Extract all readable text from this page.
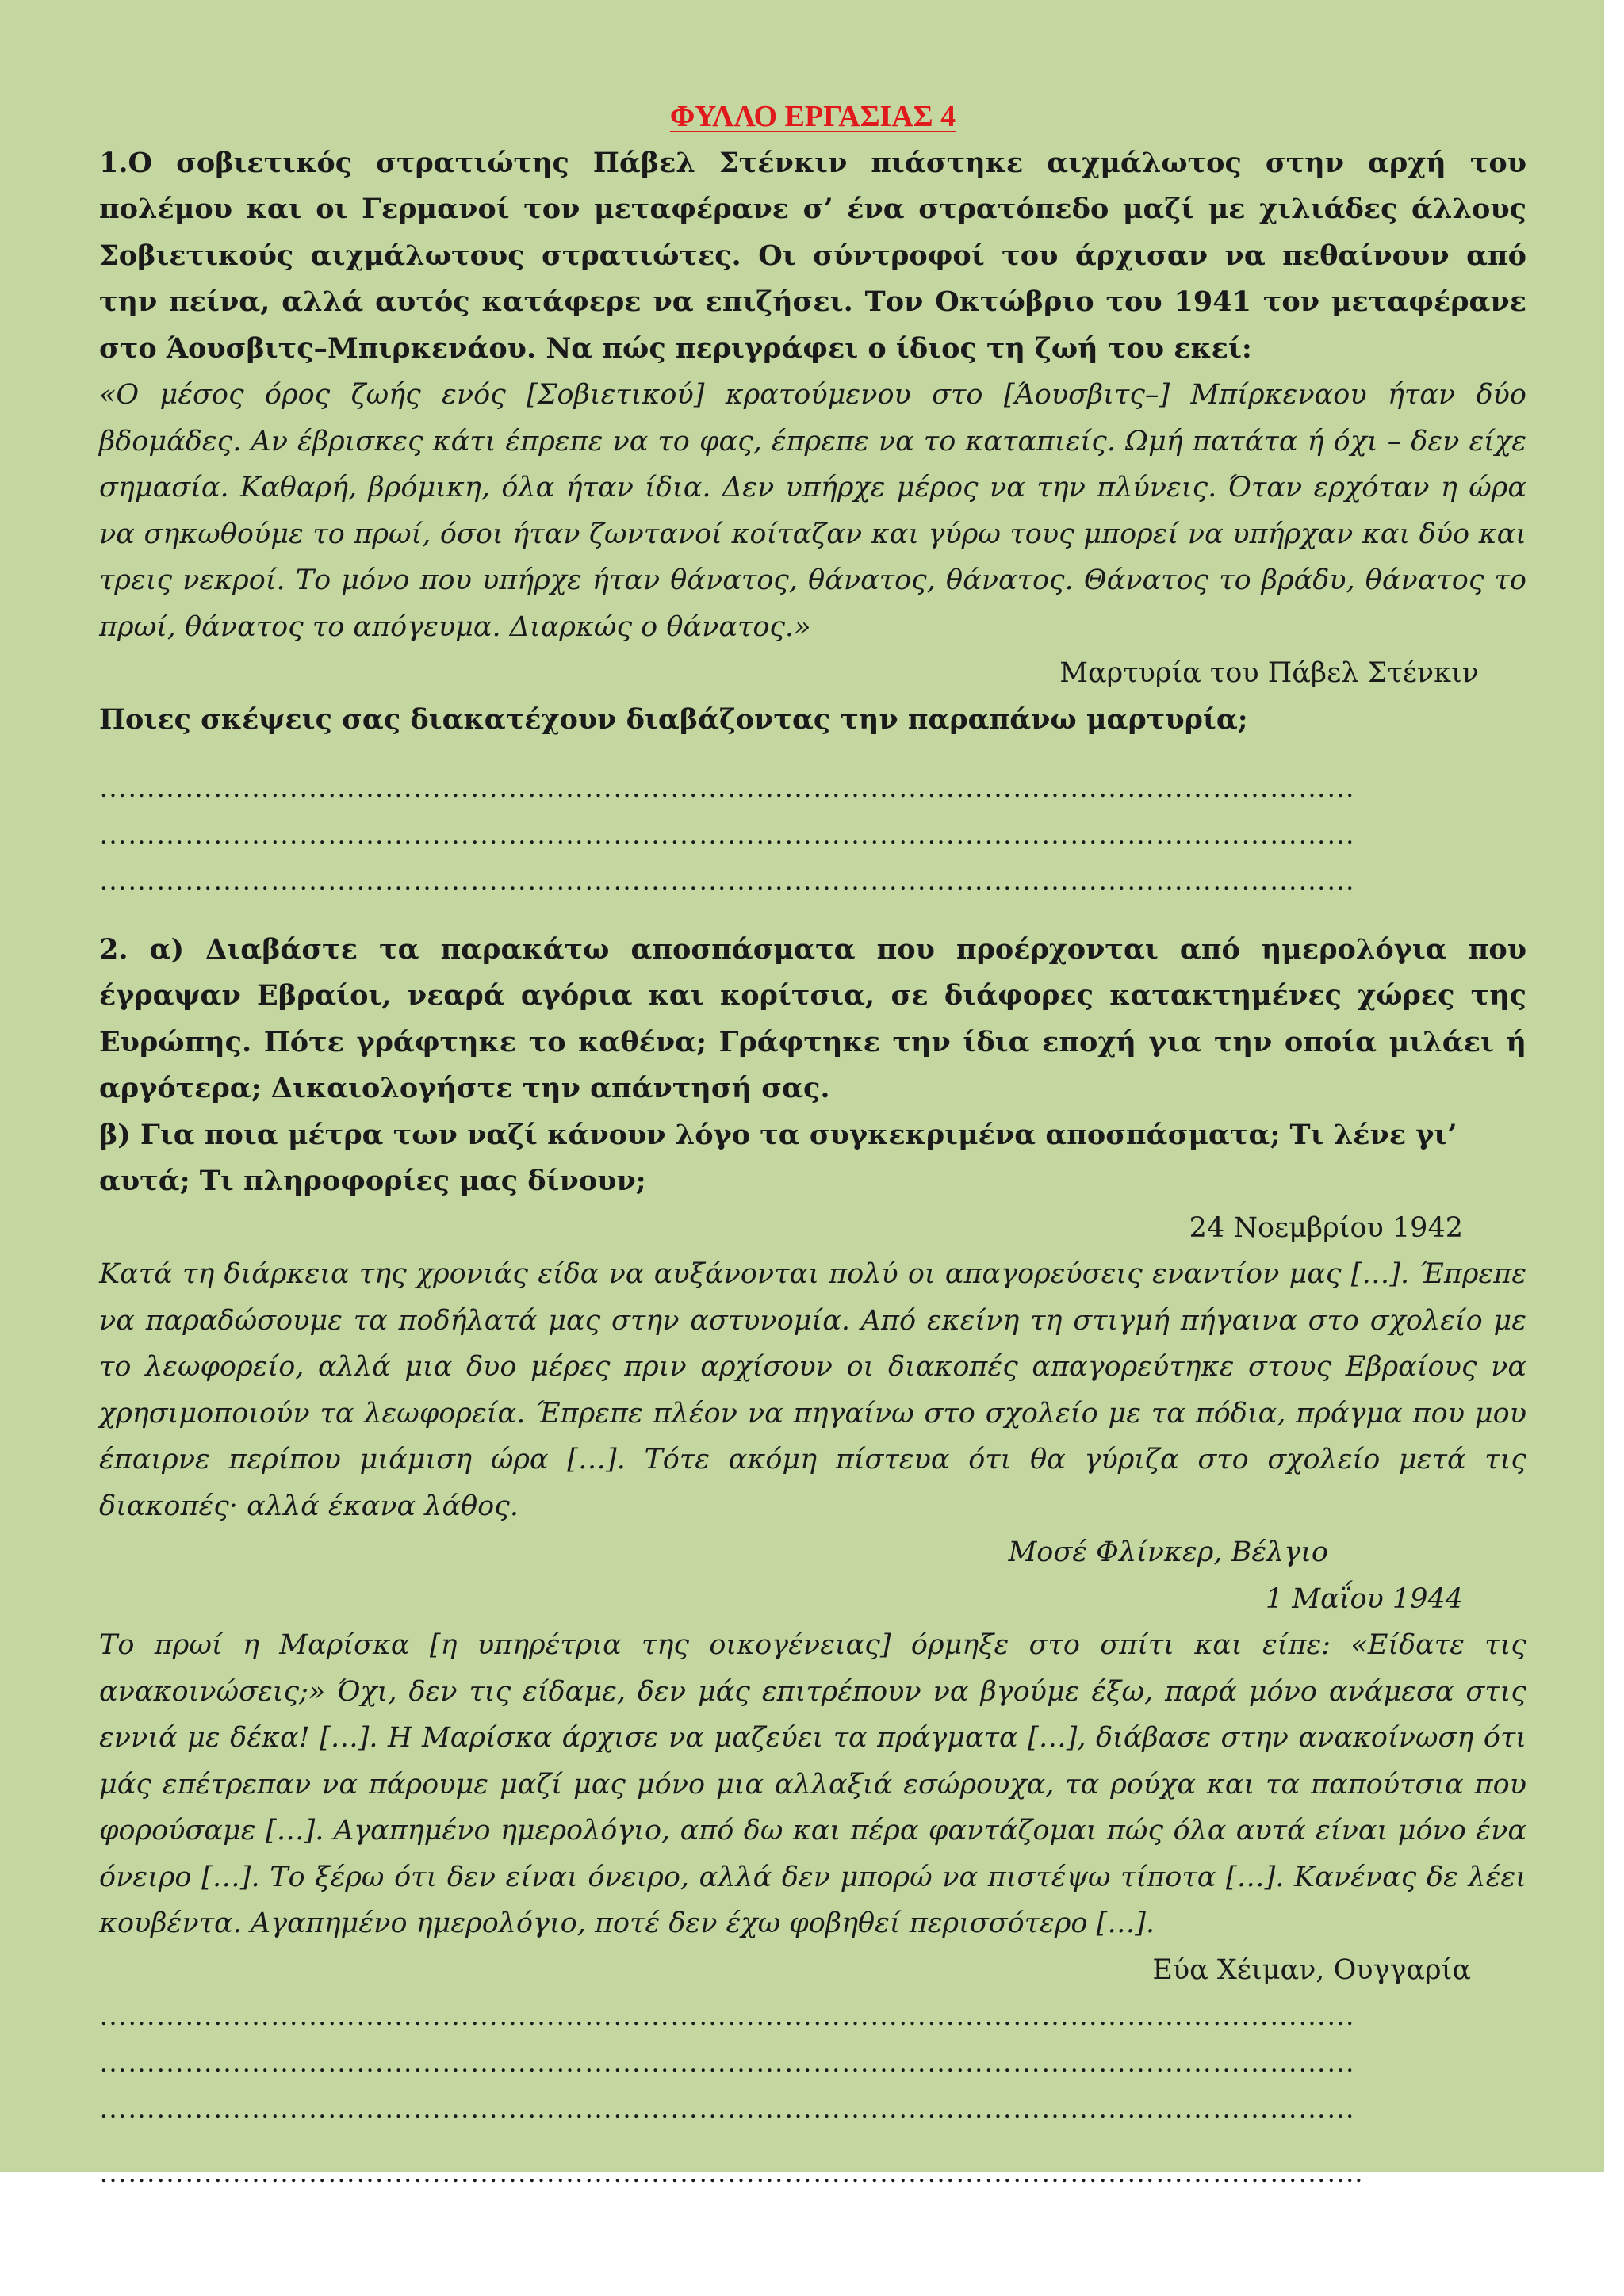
ΦΥΛΛΟ ΕΡΓΑΣΙΑΣ 4
1.Ο σοβιετικός στρατιώτης Πάβελ Στένκιν πιάστηκε αιχμάλωτος στην αρχή του πολέμου και οι Γερμανοί τον μεταφέρανε σ’ ένα στρατόπεδο μαζί με χιλιάδες άλλους Σοβιετικούς αιχμάλωτους στρατιώτες. Οι σύντροφοί του άρχισαν να πεθαίνουν από την πείνα, αλλά αυτός κατάφερε να επιζήσει. Τον Οκτώβριο του 1941 τον μεταφέρανε στο Άουσβιτς–Μπιρκενάου. Να πώς περιγράφει ο ίδιος τη ζωή του εκεί:
«Ο μέσος όρος ζωής ενός [Σοβιετικού] κρατούμενου στο [Άουσβιτς–] Μπίρκεναου ήταν δύο βδομάδες. Αν έβρισκες κάτι έπρεπε να το φας, έπρεπε να το καταπιείς. Ωμή πατάτα ή όχι – δεν είχε σημασία. Καθαρή, βρόμικη, όλα ήταν ίδια. Δεν υπήρχε μέρος να την πλύνεις. Όταν ερχόταν η ώρα να σηκωθούμε το πρωί, όσοι ήταν ζωντανοί κοίταζαν και γύρω τους μπορεί να υπήρχαν και δύο και τρεις νεκροί. Το μόνο που υπήρχε ήταν θάνατος, θάνατος, θάνατος. Θάνατος το βράδυ, θάνατος το πρωί, θάνατος το απόγευμα. Διαρκώς ο θάνατος.»
Μαρτυρία του Πάβελ Στένκιν
Ποιες σκέψεις σας διακατέχουν διαβάζοντας την παραπάνω μαρτυρία;
……………………………………………………………………………………………………………………
……………………………………………………………………………………………………………………
……………………………………………………………………………………………………………………
2. α) Διαβάστε τα παρακάτω αποσπάσματα που προέρχονται από ημερολόγια που έγραψαν Εβραίοι, νεαρά αγόρια και κορίτσια, σε διάφορες κατακτημένες χώρες της Ευρώπης. Πότε γράφτηκε το καθένα; Γράφτηκε την ίδια εποχή για την οποία μιλάει ή αργότερα; Δικαιολογήστε την απάντησή σας.
β) Για ποια μέτρα των ναζί κάνουν λόγο τα συγκεκριμένα αποσπάσματα; Τι λένε γι’ αυτά; Τι πληροφορίες μας δίνουν;
24 Νοεμβρίου 1942
Κατά τη διάρκεια της χρονιάς είδα να αυξάνονται πολύ οι απαγορεύσεις εναντίον μας […]. Έπρεπε να παραδώσουμε τα ποδήλατά μας στην αστυνομία. Από εκείνη τη στιγμή πήγαινα στο σχολείο με το λεωφορείο, αλλά μια δυο μέρες πριν αρχίσουν οι διακοπές απαγορεύτηκε στους Εβραίους να χρησιμοποιούν τα λεωφορεία. Έπρεπε πλέον να πηγαίνω στο σχολείο με τα πόδια, πράγμα που μου έπαιρνε περίπου μιάμιση ώρα […]. Τότε ακόμη πίστευα ότι θα γύριζα στο σχολείο μετά τις διακοπές· αλλά έκανα λάθος.
Μοσέ Φλίνκερ, Βέλγιο
1 Μαΐου 1944
Το πρωί η Μαρίσκα [η υπηρέτρια της οικογένειας] όρμηξε στο σπίτι και είπε: «Είδατε τις ανακοινώσεις;» Όχι, δεν τις είδαμε, δεν μάς επιτρέπουν να βγούμε έξω, παρά μόνο ανάμεσα στις εννιά με δέκα! […]. Η Μαρίσκα άρχισε να μαζεύει τα πράγματα […], διάβασε στην ανακοίνωση ότι μάς επέτρεπαν να πάρουμε μαζί μας μόνο μια αλλαξιά εσώρουχα, τα ρούχα και τα παπούτσια που φορούσαμε […]. Αγαπημένο ημερολόγιο, από δω και πέρα φαντάζομαι πώς όλα αυτά είναι μόνο ένα όνειρο […]. Το ξέρω ότι δεν είναι όνειρο, αλλά δεν μπορώ να πιστέψω τίποτα […]. Κανένας δε λέει κουβέντα. Αγαπημένο ημερολόγιο, ποτέ δεν έχω φοβηθεί περισσότερο […].
Εύα Χέιμαν, Ουγγαρία
……………………………………………………………………………………………………………………
……………………………………………………………………………………………………………………
……………………………………………………………………………………………………………………
…………………………………………………………………………………………………………………….
